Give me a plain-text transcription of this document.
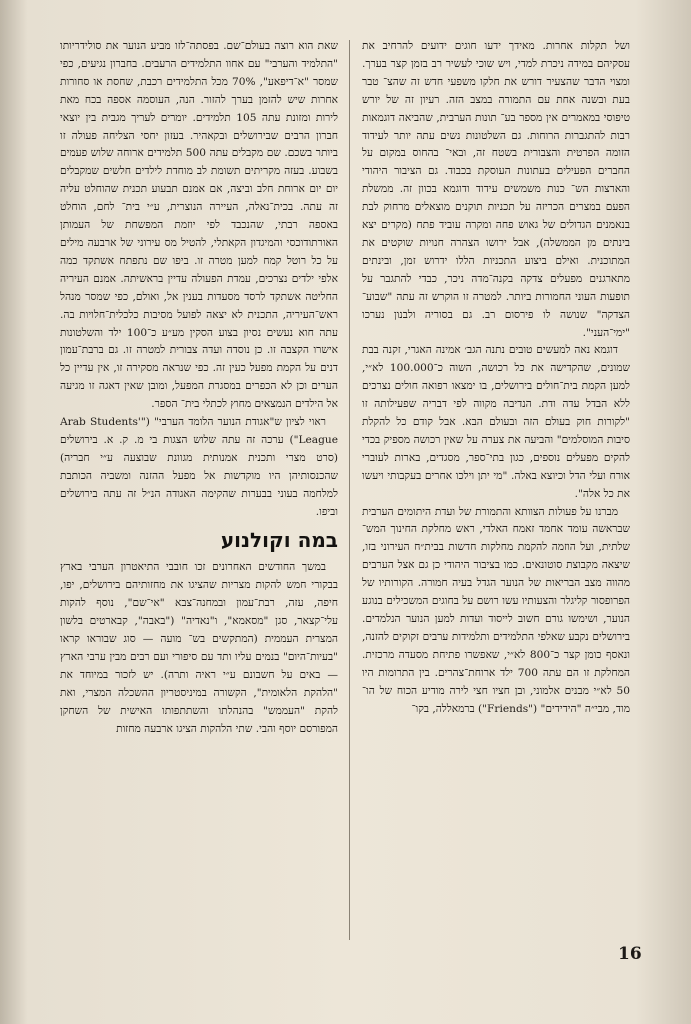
ושל תקלות אחרות. מאידך ידעו חוגים ידועים להרחיב את עסקיהם במידה ניכרת למדי, ויש שוכי לעשיר רב בזמן קצר בערך. ומצוי הדבר שהצעיר דורש את חלקו משפעי חדש זה שהצ־ טבר בעת ובשנה אחת עם התמורה במצב הזה. רעיון זה של יורש טיפוסי במאמרים אין מספר בע־ תונות הערבית, שהביאה דוגמאות רבות להתגברות הרוחות. גם השלטונות נשים עתה יותר לעידוד הזומה הפרטית והצבורית בשטח זה, ובאי־ בהחוס במקום על החברים הפעילים בעתונות העוסקת בכבוד. גם הציבור היהודי והארצות הש־ כנות משמשים עידוד ודוגמא בכוון זה. ממשלת הפעם במצרים הכריזה על תכניות תוקנים מוצאלים מרחוק לבת בנאמנים הגדולים של גאוש פחה ומקרה עוביד פתח (מקרים יצא בינתים מן הממשלה), אבל ירושו הצהרה חנויות שוקטים את המתוכנית. ואילם ביצוע התכניות הללו ידרוש זמן, ובינתים מתארגנים מפעלים צדקה בקנה־מדה ניכר, כבדי להתגבר על תופעות העוני החמורות ביותר. למטרה זו הוקרש זה עתה "שבוע־ הצדקה" שנושה לו פירסום רב. גם בסוריה ולבנון נערכו "ימי־העני".

דוגמא נאה למעשים טובים נתנה הגב׳ אמינה האגרי, זקנה בבת שמונים, שהקדישה את כל רכושה, השוה כ־100.000 לא״י, למען הקמת בית־חולים בירושלים, בו ימצאו רפואה חולים נצרכים ללא הבדל עדה ודת. הנדיבה מקווה לפי דבריה שפעילותה זו "לקורות חוק בעולם הזה ובעולם הבא. אבל קודם כל להקלת סיבות המוסלמים" והביעה את צערה על שאין רכושה מספיק בכדי להקים מפעלים נוספים, כגון בתי־ספר, מסגדים, בארות לעוברי אורח ועלי הדל וכיוצא באלה. "מי יתן וילכו אחרים בעקבותי ויעשו את כל אלה".

מברנו על פעולות הצוותא והתמורת של ועדת היתומים הערבית שבראשה עומד אחמד זאמח האלדי, ראש מחלקת החינוך המש־ שלתית, ועל הוזמה להקמת מחלקות חדשות בבית״ח העירוני בזו, שיצאה מקבוצת סוטונאים. כמו בציבור היהודי כן גם אצל הערבים מהווה מצב הבריאות של הנוער הגדל בעיה חמורה. הקורותיו של הפרופסור קליגלר והצעותיו עשו רושם על בחוגים המשכילים בנוגע הנוער, ושימשו גורם חשוב לייסוד ועדות למען הנוער הנלמדים. בירושלים נקבע שאלפי התלמידים ותלמידות ערבים זקוקים להזנה, ונאסף כומן קצר כ־800 לא״י, שאפשרו פתיחת מסעדה מרכזית. המחלקת זו הם עתה 700 ילד ארוחת־צהרים. בין התרומות היו 50 לא״י מבנים אלמוני, ובן חציו חצי לירה מודיע הכוח של הו־ מוד, מבי״ה "הידידים" ("Friends") ברמאללה, בקו־

שאת הוא רוצה בעולם־שם. בפסתה־לזו מביע הנוער את סולידריותו "התלמיד והערבי" עם אחוו התלמידים הרעבים. בחברון נגיעים, כפי שמסר "א־דיפאע", 70% מכל התלמידים רכבת, שחסת או סחורות אחרות שיש להזמן בערך להזור. הנה, העוסמה אספה בכח מאת לירות ומזונת עתה 105 תלמידים. יומרים לעריך מגבית בין יוצאי חברון הרבים שבירושלים ובקאהיר. בעזון יחסי הצליחה פעולה זו ביותר בשכם. שם מקבלים עתה 500 תלמידים ארוחה שלוש פעמים בשבוע. בעזה מקריתים תשומת לב מוחדת לילדים חלשים שמקבלים יום יום ארוחת חלב וביצה, אם אמנם תבעוע תכנית שהוחלט עליה זה עתה. בכית־נאלה, העיירה הנוצרית, ע״י בית־ לחם, הוחלט באספה רבתי, שהנכבד לפי יוזמת המפשחת של העמותן האורתודוכסי והמיגדון הקאתלי, להטיל מס עירוני של ארבעה מילים על כל רוטל קמח למען מטרה זו. ביפו שם נתפתח אשתקד כמה אלפי ילדים נצרכים, עמדת הפעולה עדיין בראשיתה. אמנם העיריה החליטה אשתקד לרסד מסעדות בענין אל, ואולם, כפי שמסר מנהל ראש־העיריה, התכנית לא יצאה לפועל מסיבות כלכלית־חלויות בה. עתה חוא נעשים נסיון בצוע הסקין מע״ע כ־100 ילד והשלטונות אישרו הקצבה זו. כן נוסדה ועדה צבורית למטרה זו. גם ברבת־עמון דנים על הקמת מפעל כעין זה. כפי שנראה מסקירה זו, אין עדיין כל הערים וכן לא הכפרים במסגרת המפעל, ומובן שאין דאגה זו מגיעה אל הילדים הנמצאים מחוץ לכתלי בית־ הספר.

ראוי לציון ש"אגודת הנוער הלומד הערבי" ("Arab Students' League") ערכה זה עתה שלוש הצגות בי מ. ק. א. בירושלים (סרט מצרי ותכנית אמנותית מגוונת שבוצעה ע״י חבריה) שהכנסותיהן היו מוקדשות אל מפעל ההזנה ומשביה הכותבת למלחמה בעוני בבערות שהקימה האגודה הנ״ל זה עתה בירושלים וביפו.

במה וקולנוע

במשך החודשים האחרונים זכו חובבי התיאטרון הערבי בארץ בבקורי חמש להקות מצריות שהציגו את מחזותיהם בירושלים, יפו, חיפה, עזה, רבת־עמון ובמחנה־צבא "אי־שם", נוסף להקות עלי־קצאר, סגן "מסאמא", ו"נאדיה" ("באבה", קבארטים בלשון המצרית העממית (המתקשים בש־ מועה — סוג שבוראו קראו "בעיות־היום" בנמים עליו ותד עם סיפורי ועם רבים מבין ערבי הארץ — באים על חשבונם ע״י ראיה ותרה). יש לזכור במיוחד את "הלהקת הלאומית", הקשורה במיניסטריון ההשכלה המצרי, ואת להקת "העממש" בהנהלתו והשתתפותו האישית של השחקן המפורסם יוסף והבי. שתי הלהקות הציגו ארבעה מחזות

16
